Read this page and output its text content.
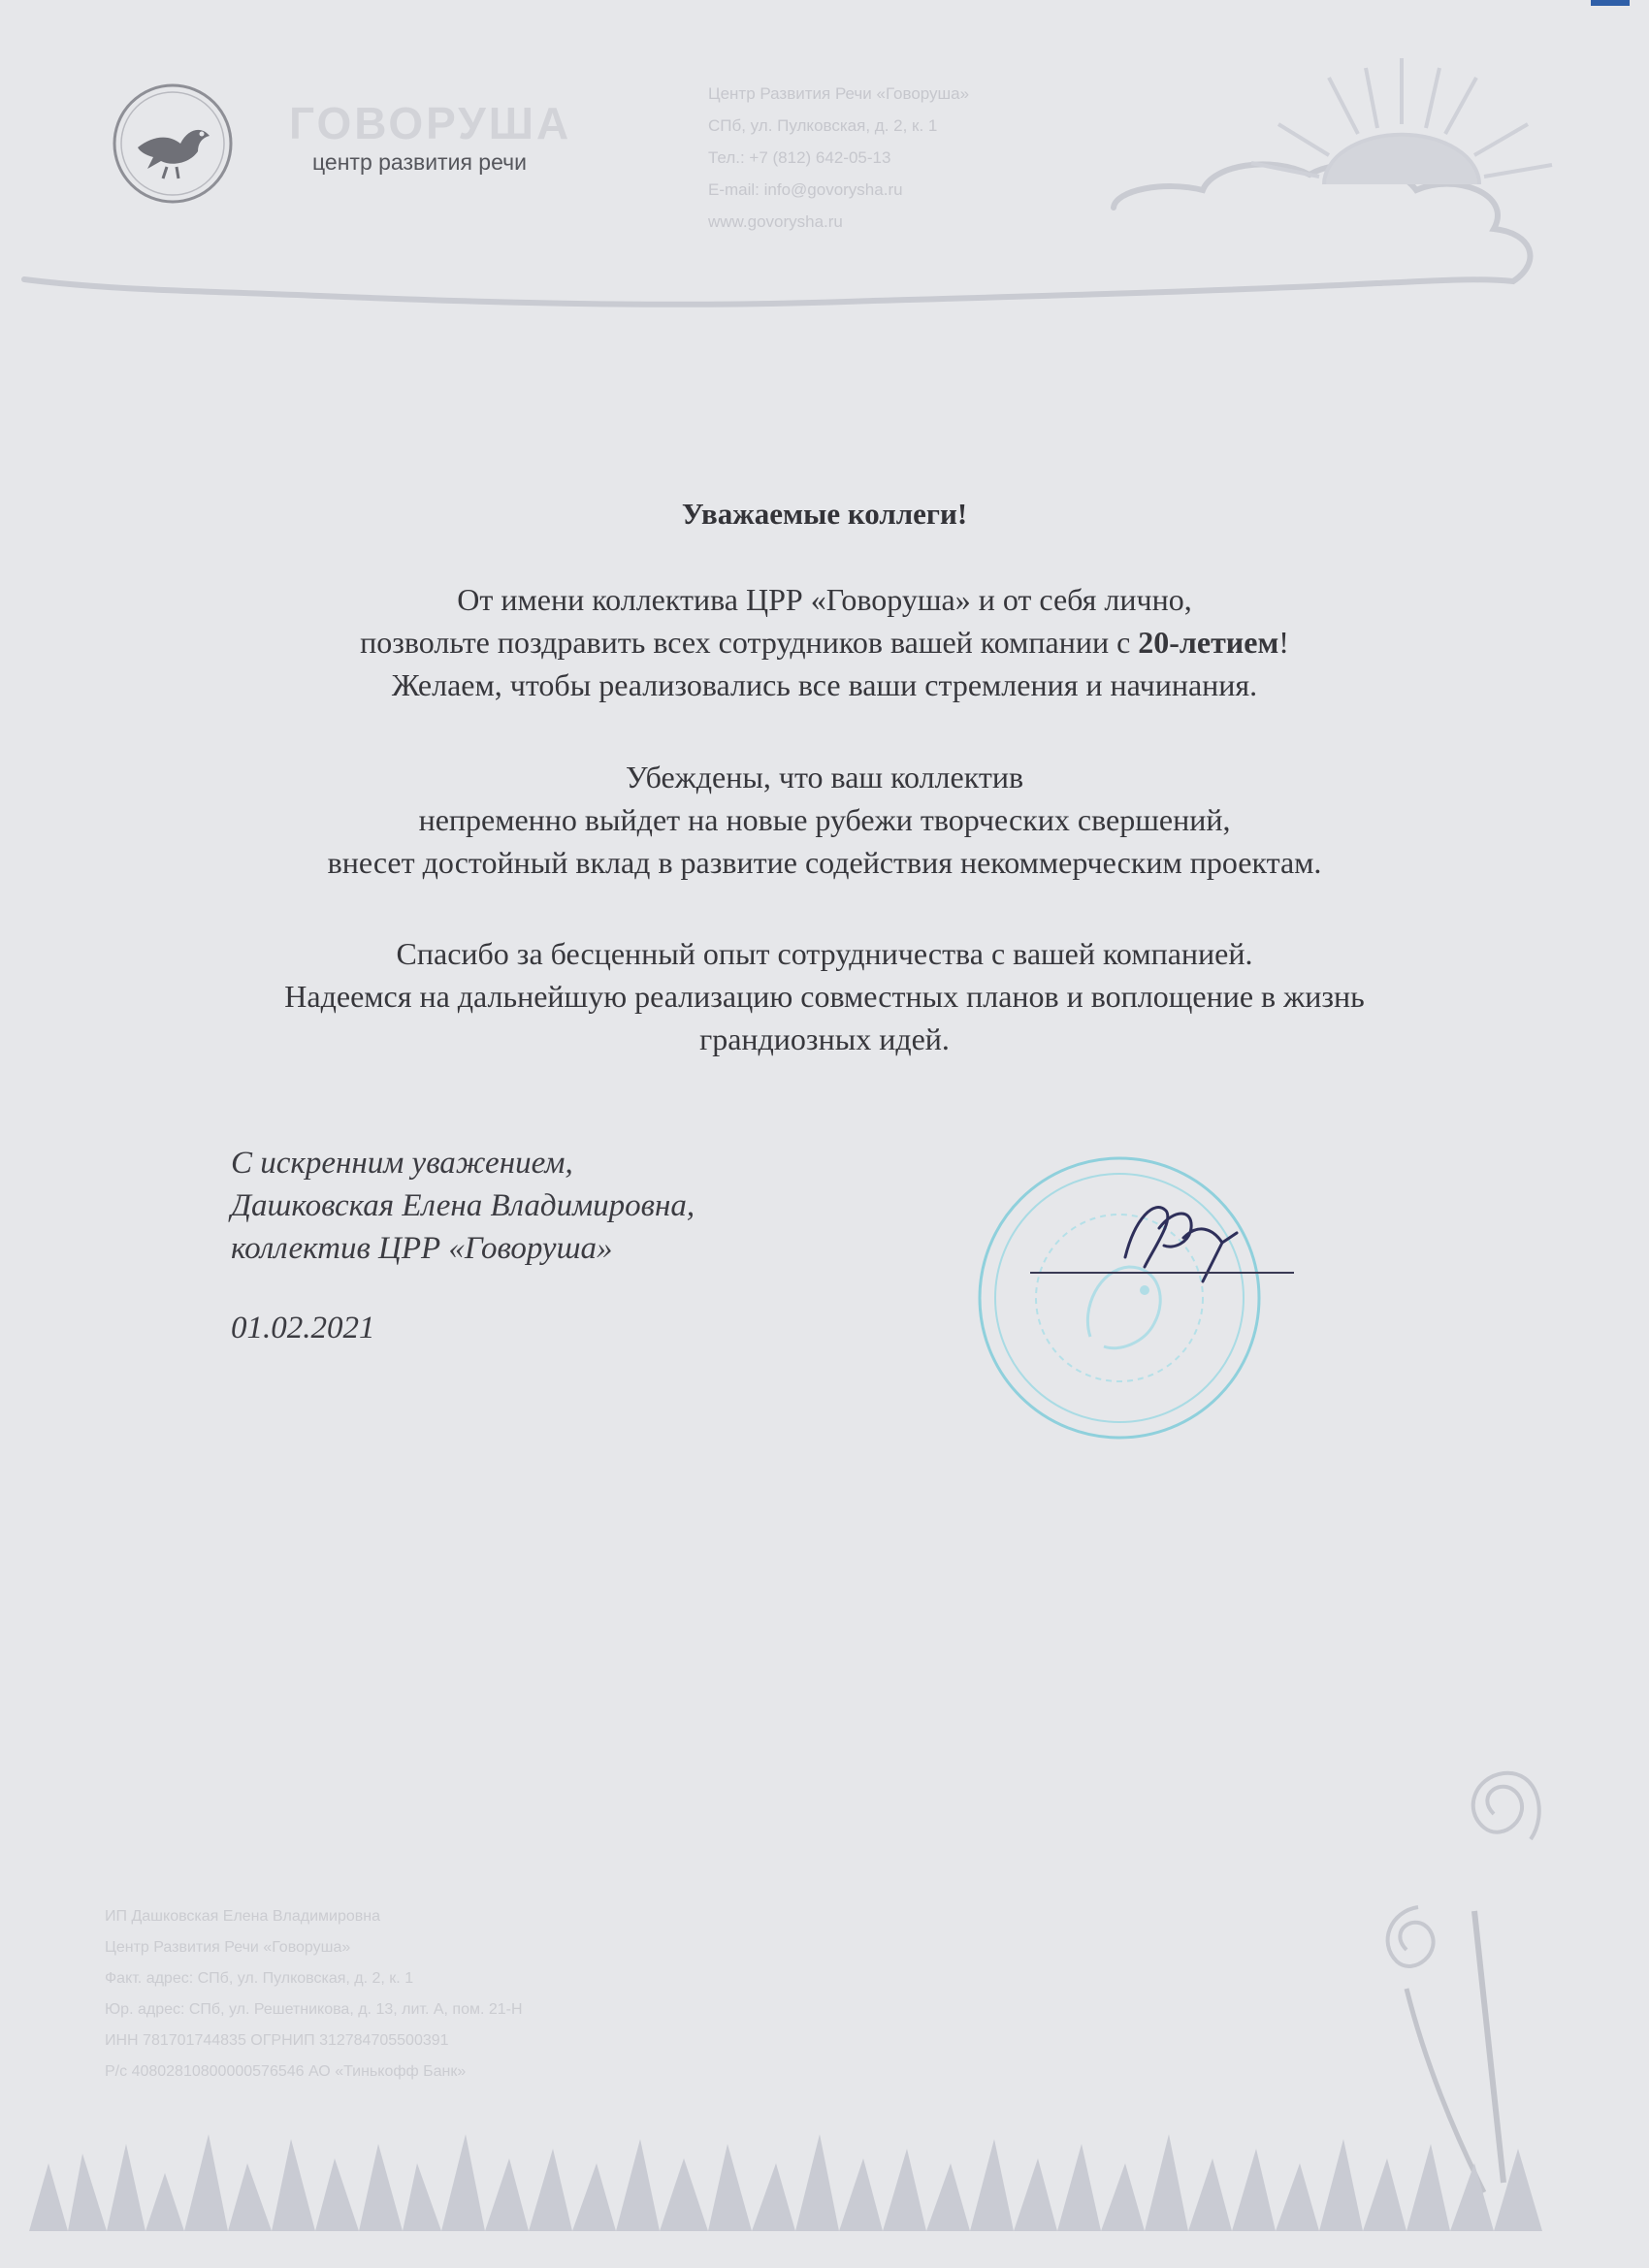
ГОВОРУША
центр развития речи
Центр Развития Речи «Говоруша»
СПб, ул. Пулковская, д. 2, к. 1
Тел.: +7 (812) 642-05-13
E-mail: info@govorysha.ru
www.govorysha.ru
Уважаемые коллеги!
От имени коллектива ЦРР «Говоруша» и от себя лично,
позвольте поздравить всех сотрудников вашей компании с 20-летием!
Желаем, чтобы реализовались все ваши стремления и начинания.
Убеждены, что ваш коллектив
непременно выйдет на новые рубежи творческих свершений,
внесет достойный вклад в развитие содействия некоммерческим проектам.
Спасибо за бесценный опыт сотрудничества с вашей компанией.
Надеемся на дальнейшую реализацию совместных планов и воплощение в жизнь
грандиозных идей.
С искренним уважением,
Дашковская Елена Владимировна,
коллектив ЦРР «Говоруша»
01.02.2021
ИП Дашковская Елена Владимировна
Центр Развития Речи «Говоруша»
Факт. адрес: СПб, ул. Пулковская, д. 2, к. 1
Юр. адрес: СПб, ул. Решетникова, д. 13, лит. А, пом. 21-Н
ИНН 781701744835 ОГРНИП 312784705500391
Р/с 40802810800000576546 АО «Тинькофф Банк»
